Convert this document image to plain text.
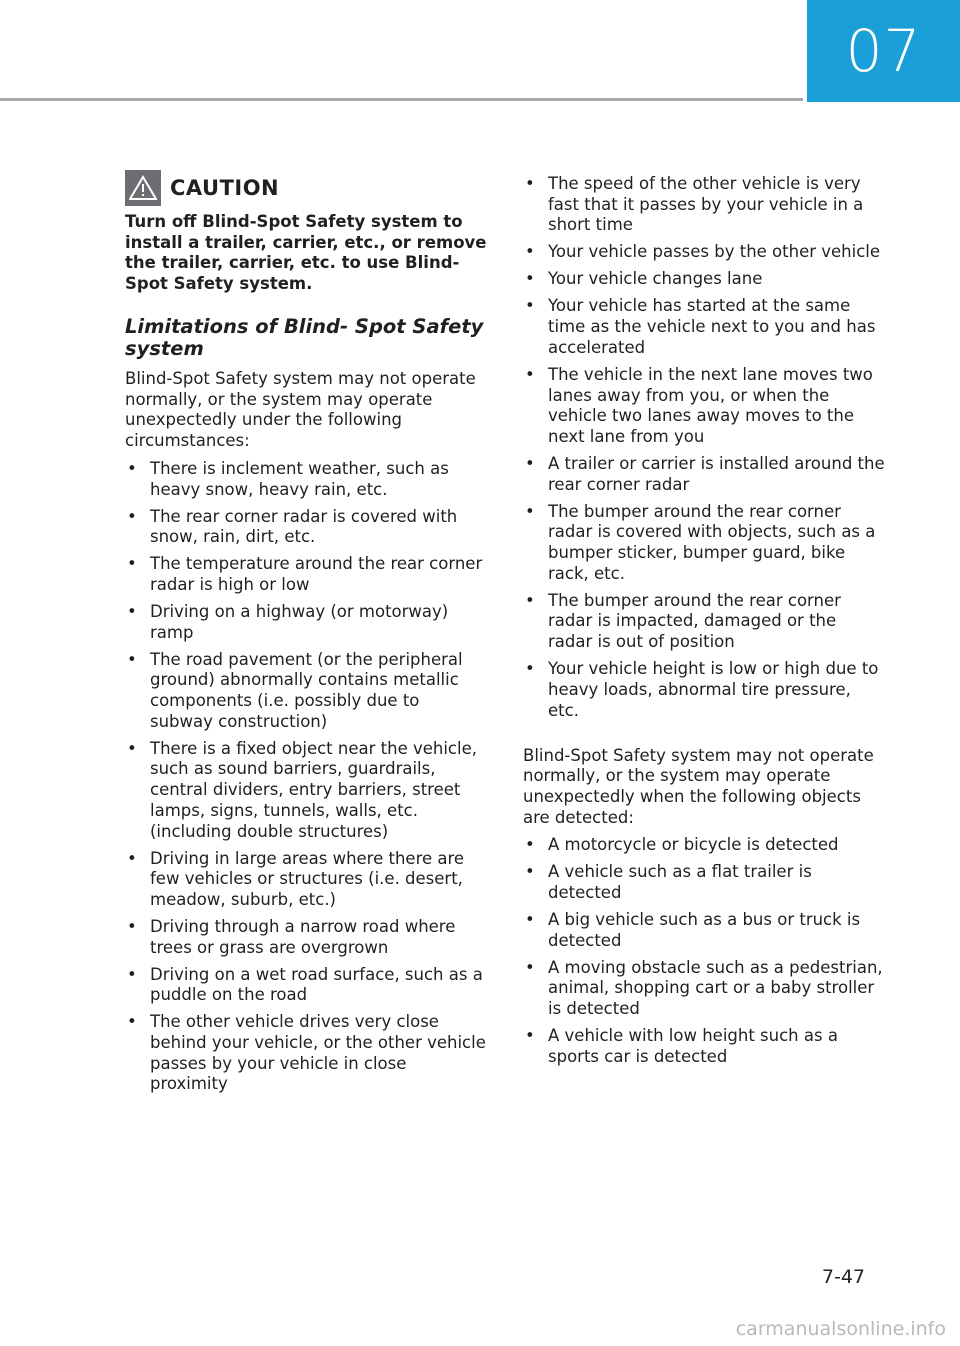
07
CAUTION

Turn off Blind-Spot Safety system to install a trailer, carrier, etc., or remove the trailer, carrier, etc. to use Blind-Spot Safety system.

Limitations of Blind- Spot Safety system

Blind-Spot Safety system may not operate normally, or the system may operate unexpectedly under the following circumstances:

• There is inclement weather, such as heavy snow, heavy rain, etc.
• The rear corner radar is covered with snow, rain, dirt, etc.
• The temperature around the rear corner radar is high or low
• Driving on a highway (or motorway) ramp
• The road pavement (or the peripheral ground) abnormally contains metallic components (i.e. possibly due to subway construction)
• There is a fixed object near the vehicle, such as sound barriers, guardrails, central dividers, entry barriers, street lamps, signs, tunnels, walls, etc. (including double structures)
• Driving in large areas where there are few vehicles or structures (i.e. desert, meadow, suburb, etc.)
• Driving through a narrow road where trees or grass are overgrown
• Driving on a wet road surface, such as a puddle on the road
• The other vehicle drives very close behind your vehicle, or the other vehicle passes by your vehicle in close proximity
• The speed of the other vehicle is very fast that it passes by your vehicle in a short time
• Your vehicle passes by the other vehicle
• Your vehicle changes lane
• Your vehicle has started at the same time as the vehicle next to you and has accelerated
• The vehicle in the next lane moves two lanes away from you, or when the vehicle two lanes away moves to the next lane from you
• A trailer or carrier is installed around the rear corner radar
• The bumper around the rear corner radar is covered with objects, such as a bumper sticker, bumper guard, bike rack, etc.
• The bumper around the rear corner radar is impacted, damaged or the radar is out of position
• Your vehicle height is low or high due to heavy loads, abnormal tire pressure, etc.

Blind-Spot Safety system may not operate normally, or the system may operate unexpectedly when the following objects are detected:

• A motorcycle or bicycle is detected
• A vehicle such as a flat trailer is detected
• A big vehicle such as a bus or truck is detected
• A moving obstacle such as a pedestrian, animal, shopping cart or a baby stroller is detected
• A vehicle with low height such as a sports car is detected
7-47
carmanualsonline.info
